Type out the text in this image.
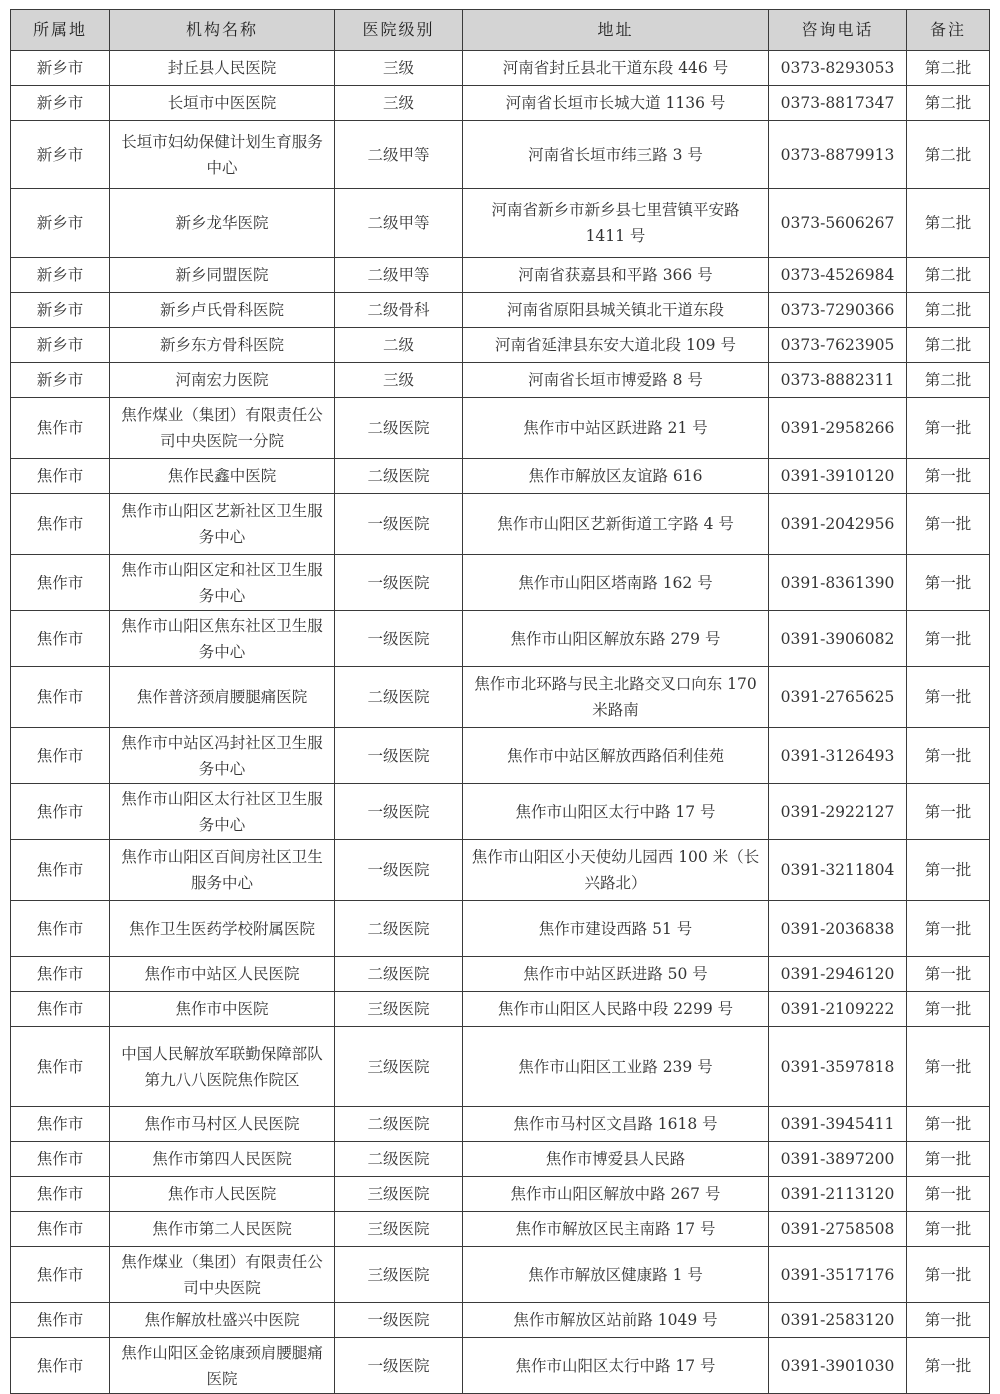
所属地	机构名称	医院级别	地址	咨询电话	备注
新乡市	封丘县人民医院	三级	河南省封丘县北干道东段 446 号	0373-8293053	第二批
新乡市	长垣市中医医院	三级	河南省长垣市长城大道 1136 号	0373-8817347	第二批
新乡市	长垣市妇幼保健计划生育服务中心	二级甲等	河南省长垣市纬三路 3 号	0373-8879913	第二批
新乡市	新乡龙华医院	二级甲等	河南省新乡市新乡县七里营镇平安路 1411 号	0373-5606267	第二批
新乡市	新乡同盟医院	二级甲等	河南省获嘉县和平路 366 号	0373-4526984	第二批
新乡市	新乡卢氏骨科医院	二级骨科	河南省原阳县城关镇北干道东段	0373-7290366	第二批
新乡市	新乡东方骨科医院	二级	河南省延津县东安大道北段 109 号	0373-7623905	第二批
新乡市	河南宏力医院	三级	河南省长垣市博爱路 8 号	0373-8882311	第二批
焦作市	焦作煤业（集团）有限责任公司中央医院一分院	二级医院	焦作市中站区跃进路 21 号	0391-2958266	第一批
焦作市	焦作民鑫中医院	二级医院	焦作市解放区友谊路 616	0391-3910120	第一批
焦作市	焦作市山阳区艺新社区卫生服务中心	一级医院	焦作市山阳区艺新街道工字路 4 号	0391-2042956	第一批
焦作市	焦作市山阳区定和社区卫生服务中心	一级医院	焦作市山阳区塔南路 162 号	0391-8361390	第一批
焦作市	焦作市山阳区焦东社区卫生服务中心	一级医院	焦作市山阳区解放东路 279 号	0391-3906082	第一批
焦作市	焦作普济颈肩腰腿痛医院	二级医院	焦作市北环路与民主北路交叉口向东 170 米路南	0391-2765625	第一批
焦作市	焦作市中站区冯封社区卫生服务中心	一级医院	焦作市中站区解放西路佰利佳苑	0391-3126493	第一批
焦作市	焦作市山阳区太行社区卫生服务中心	一级医院	焦作市山阳区太行中路 17 号	0391-2922127	第一批
焦作市	焦作市山阳区百间房社区卫生服务中心	一级医院	焦作市山阳区小天使幼儿园西 100 米（长兴路北）	0391-3211804	第一批
焦作市	焦作卫生医药学校附属医院	二级医院	焦作市建设西路 51 号	0391-2036838	第一批
焦作市	焦作市中站区人民医院	二级医院	焦作市中站区跃进路 50 号	0391-2946120	第一批
焦作市	焦作市中医院	三级医院	焦作市山阳区人民路中段 2299 号	0391-2109222	第一批
焦作市	中国人民解放军联勤保障部队第九八八医院焦作院区	三级医院	焦作市山阳区工业路 239 号	0391-3597818	第一批
焦作市	焦作市马村区人民医院	二级医院	焦作市马村区文昌路 1618 号	0391-3945411	第一批
焦作市	焦作市第四人民医院	二级医院	焦作市博爱县人民路	0391-3897200	第一批
焦作市	焦作市人民医院	三级医院	焦作市山阳区解放中路 267 号	0391-2113120	第一批
焦作市	焦作市第二人民医院	三级医院	焦作市解放区民主南路 17 号	0391-2758508	第一批
焦作市	焦作煤业（集团）有限责任公司中央医院	三级医院	焦作市解放区健康路 1 号	0391-3517176	第一批
焦作市	焦作解放杜盛兴中医院	一级医院	焦作市解放区站前路 1049 号	0391-2583120	第一批
焦作市	焦作山阳区金铭康颈肩腰腿痛医院	一级医院	焦作市山阳区太行中路 17 号	0391-3901030	第一批
